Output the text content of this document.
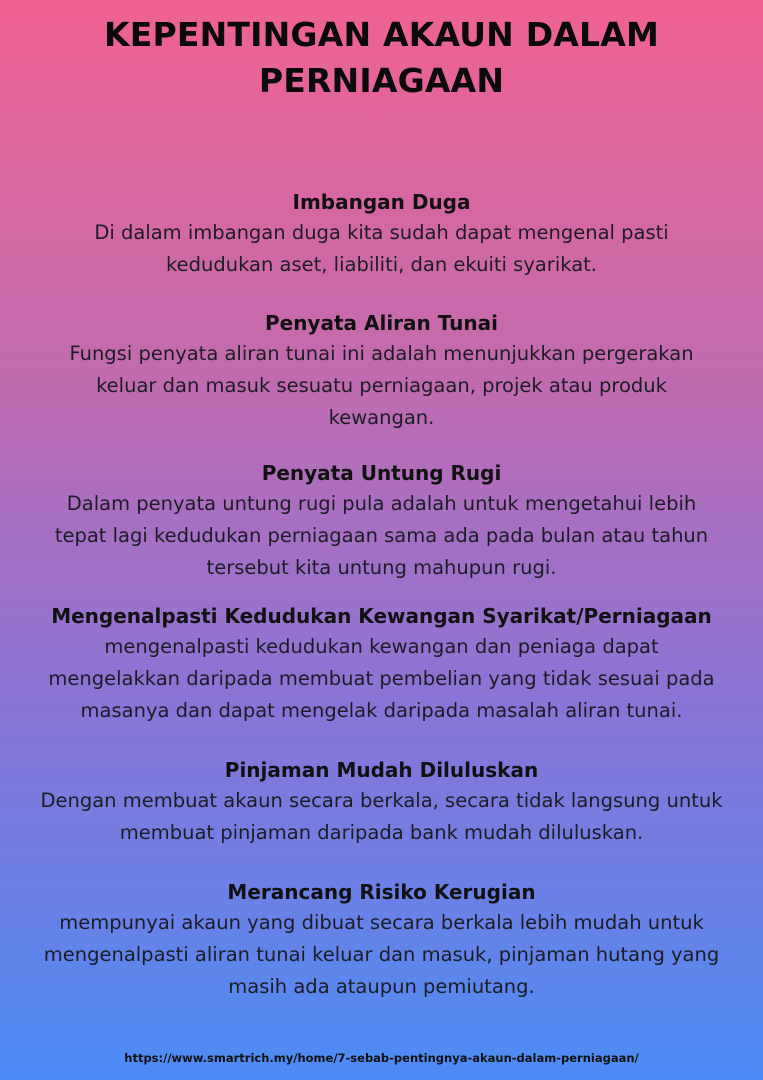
KEPENTINGAN AKAUN DALAM
PERNIAGAAN
Imbangan Duga

Di dalam imbangan duga kita sudah dapat mengenal pasti

kedudukan aset, liabiliti, dan ekuiti syarikat.

Penyata Aliran Tunai

Fungsi penyata aliran tunai ini adalah menunjukkan pergerakan

keluar dan masuk sesuatu perniagaan, projek atau produk

kewangan.

Penyata Untung Rugi

Dalam penyata untung rugi pula adalah untuk mengetahui lebih

tepat lagi kedudukan perniagaan sama ada pada bulan atau tahun

tersebut kita untung mahupun rugi.

Mengenalpasti Kedudukan Kewangan Syarikat/Perniagaan

mengenalpasti kedudukan kewangan dan peniaga dapat

mengelakkan daripada membuat pembelian yang tidak sesuai pada

masanya dan dapat mengelak daripada masalah aliran tunai.

Pinjaman Mudah Diluluskan

Dengan membuat akaun secara berkala, secara tidak langsung untuk

membuat pinjaman daripada bank mudah diluluskan.

Merancang Risiko Kerugian

mempunyai akaun yang dibuat secara berkala lebih mudah untuk

mengenalpasti aliran tunai keluar dan masuk, pinjaman hutang yang

masih ada ataupun pemiutang.

https://www.smartrich.my/home/7-sebab-pentingnya-akaun-dalam-perniagaan/
